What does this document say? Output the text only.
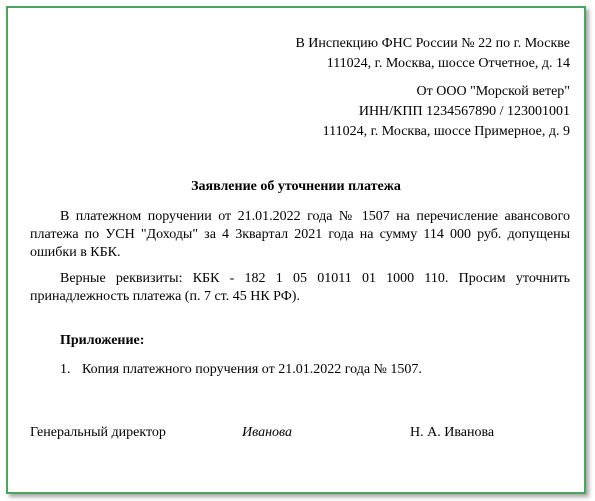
В Инспекцию ФНС России № 22 по г. Москве
111024, г. Москва, шоссе Отчетное, д. 14
От ООО "Морской ветер"
ИНН/КПП 1234567890 / 123001001
111024, г. Москва, шоссе Примерное, д. 9
Заявление об уточнении платежа

В платежном поручении от 21.01.2022 года № 1507 на перечисление авансового платежа по УСН "Доходы" за 4 3квартал 2021 года на сумму 114 000 руб. допущены ошибки в КБК.

Верные реквизиты: КБК - 182 1 05 01011 01 1000 110. Просим уточнить принадлежность платежа (п. 7 ст. 45 НК РФ).

Приложение:
1. Копия платежного поручения от 21.01.2022 года № 1507.
Генеральный директор	Иванова	Н. А. Иванова
